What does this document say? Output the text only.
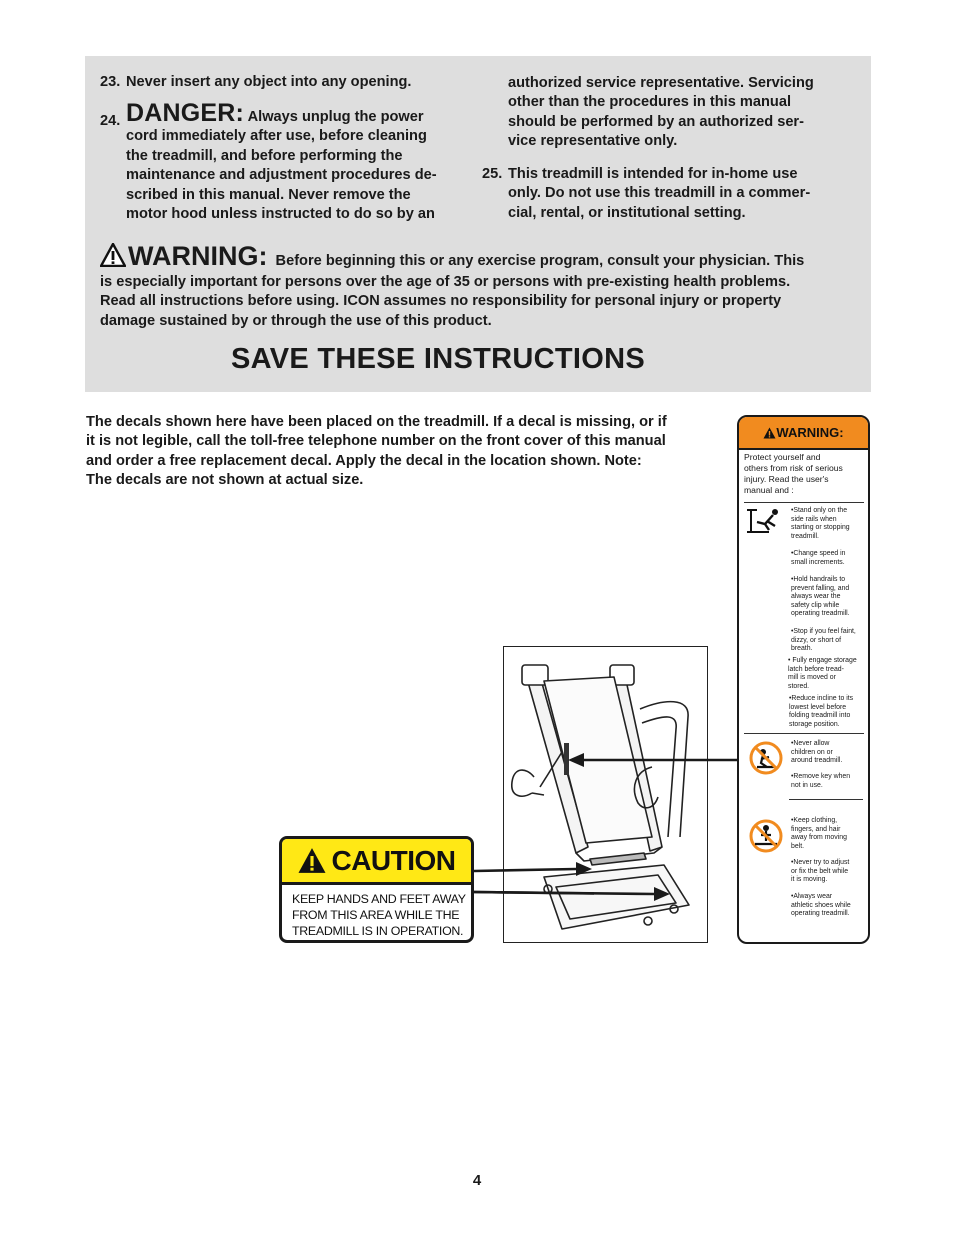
23. Never insert any object into any opening.
24. DANGER: Always unplug the power
cord immediately after use, before cleaning
the treadmill, and before performing the
maintenance and adjustment procedures de-
scribed in this manual. Never remove the
motor hood unless instructed to do so by an
authorized service representative. Servicing
other than the procedures in this manual
should be performed by an authorized ser-
vice representative only.
25. This treadmill is intended for in-home use
only. Do not use this treadmill in a commer-
cial, rental, or institutional setting.
WARNING: Before beginning this or any exercise program, consult your physician. This
is especially important for persons over the age of 35 or persons with pre-existing health problems.
Read all instructions before using. ICON assumes no responsibility for personal injury or property
damage sustained by or through the use of this product.
SAVE THESE INSTRUCTIONS
The decals shown here have been placed on the treadmill. If a decal is missing, or if
it is not legible, call the toll-free telephone number on the front cover of this manual
and order a free replacement decal. Apply the decal in the location shown. Note:
The decals are not shown at actual size.
WARNING:
Protect yourself and
others from risk of serious
injury. Read the user's
manual and :
•Stand only on the
side rails when
starting or stopping
treadmill.
•Change speed in
small increments.
•Hold handrails to
prevent falling, and
always wear the
safety clip while
operating treadmill.
•Stop if you feel faint,
dizzy, or short of
breath.
• Fully engage storage
latch before tread-
mill is moved or
stored.
•Reduce incline to its
lowest level before
folding treadmill into
storage position.
•Never allow
children on or
around treadmill.
•Remove key when
not in use.
•Keep clothing,
fingers, and hair
away from moving
belt.
•Never try to adjust
or fix the belt while
it is moving.
•Always wear
athletic shoes while
operating treadmill.
CAUTION
KEEP HANDS AND FEET AWAY
FROM THIS AREA WHILE THE
TREADMILL IS IN OPERATION.
4
